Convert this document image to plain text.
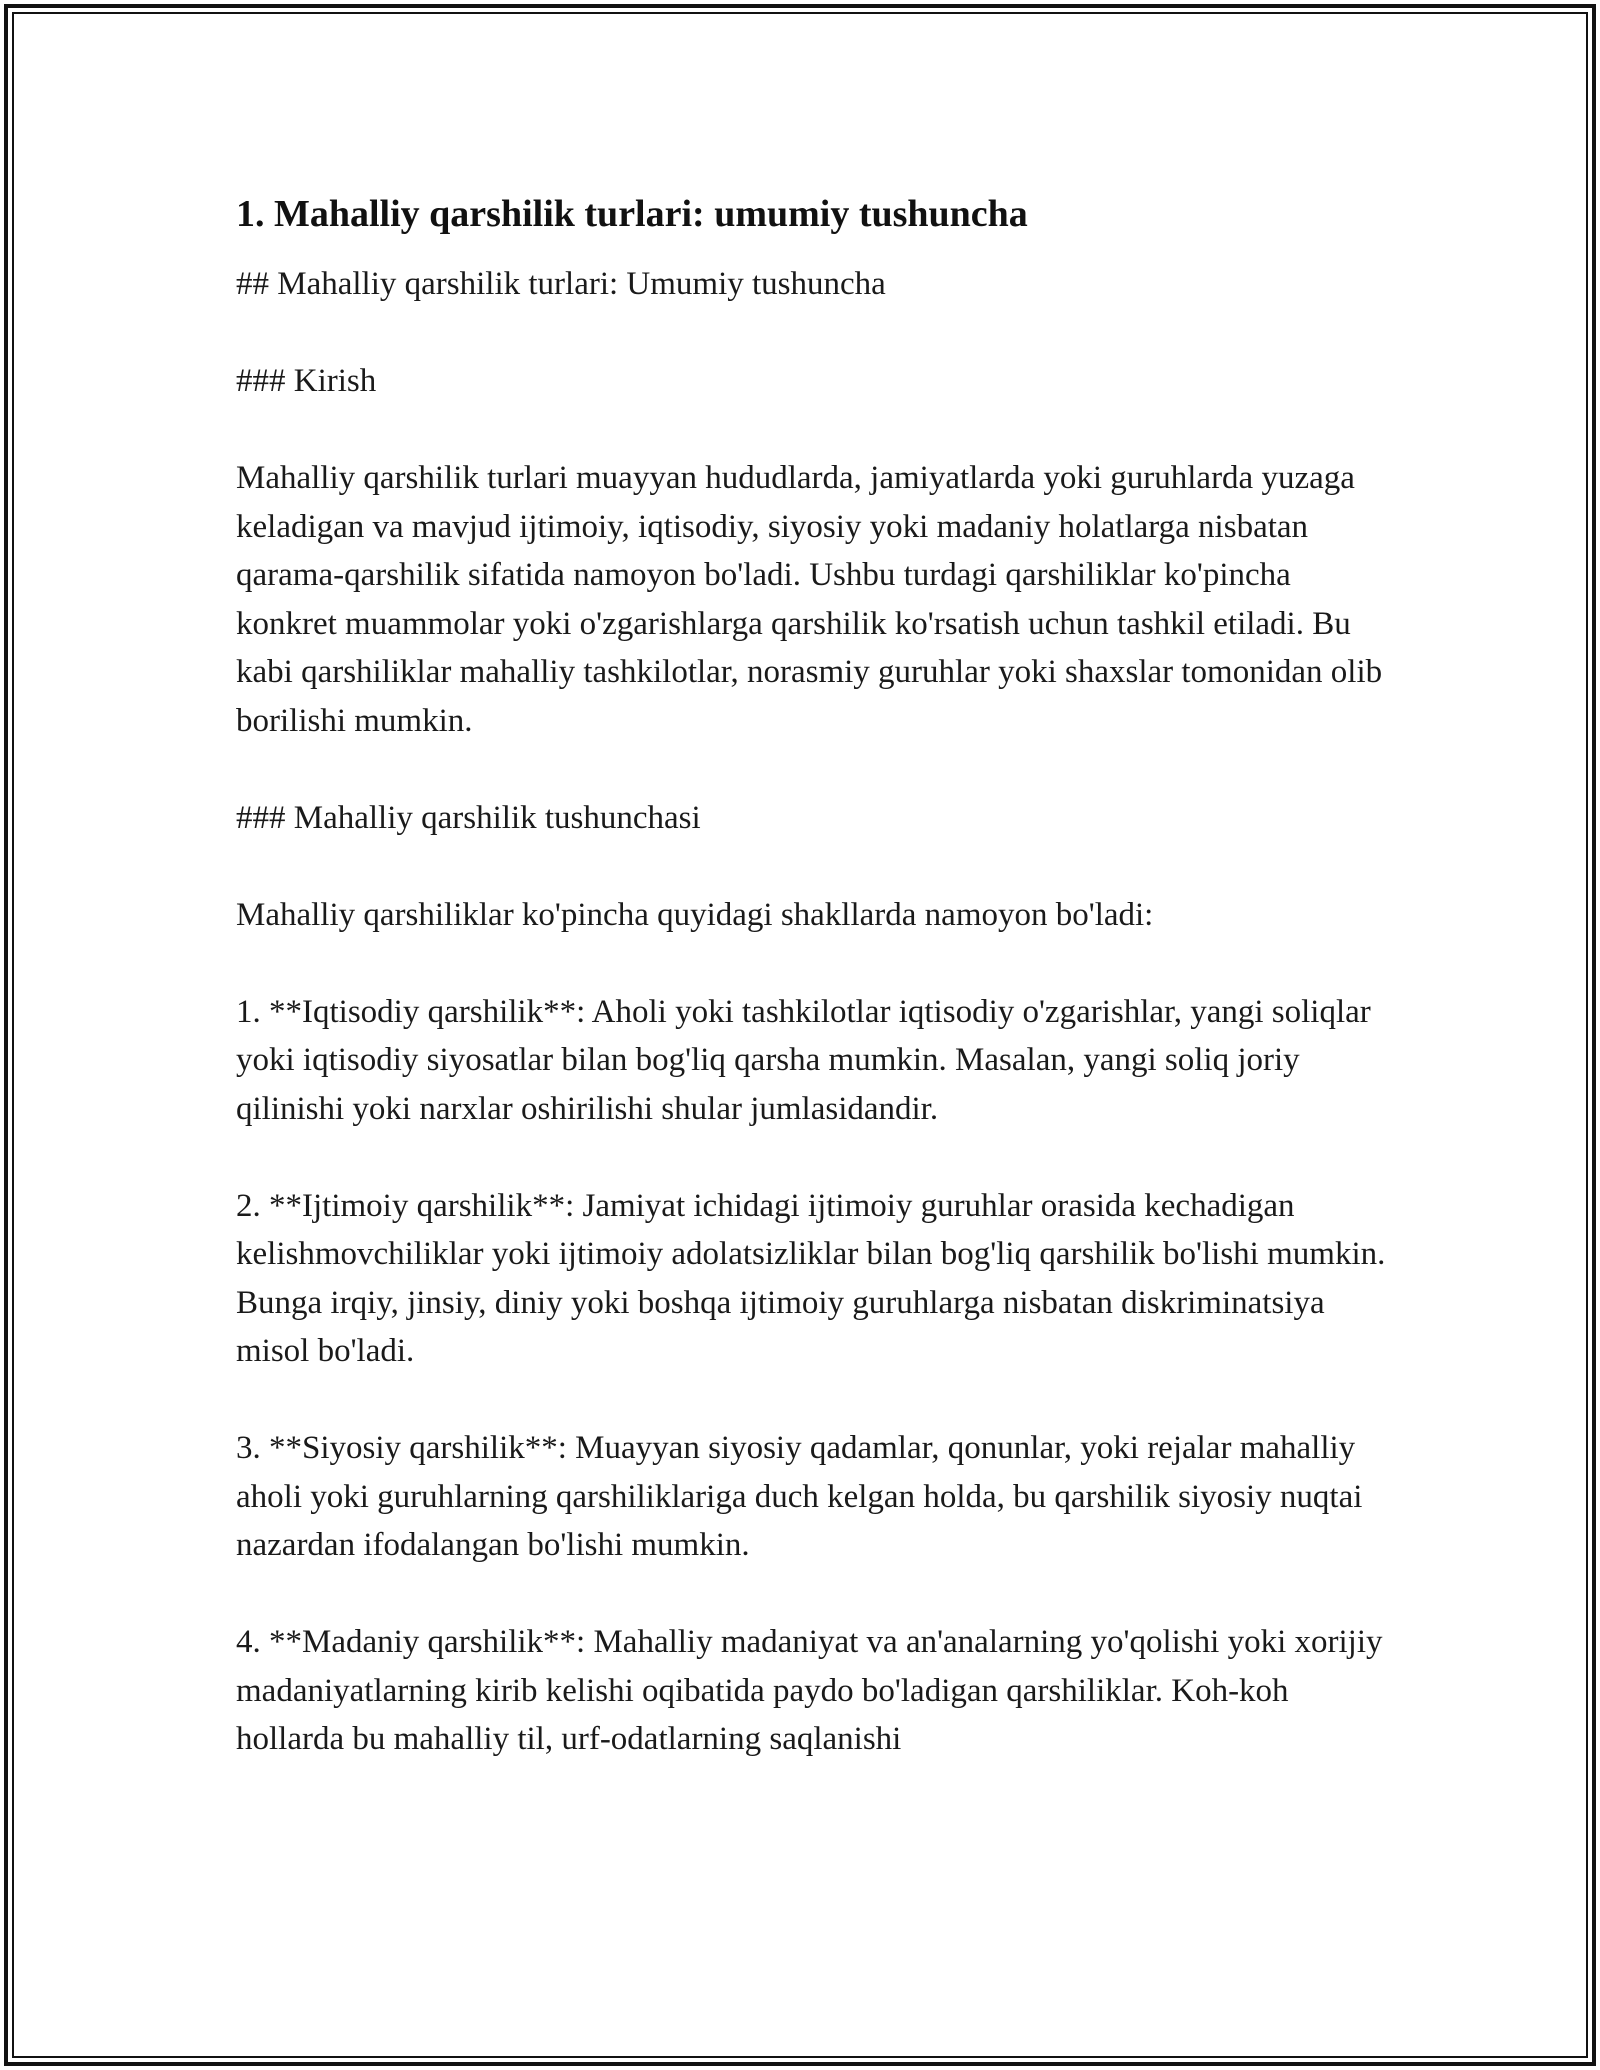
1. Mahalliy qarshilik turlari: umumiy tushuncha

## Mahalliy qarshilik turlari: Umumiy tushuncha

### Kirish

Mahalliy qarshilik turlari muayyan hududlarda, jamiyatlarda yoki guruhlarda yuzaga keladigan va mavjud ijtimoiy, iqtisodiy, siyosiy yoki madaniy holatlarga nisbatan qarama-qarshilik sifatida namoyon bo'ladi. Ushbu turdagi qarshiliklar ko'pincha konkret muammolar yoki o'zgarishlarga qarshilik ko'rsatish uchun tashkil etiladi. Bu kabi qarshiliklar mahalliy tashkilotlar, norasmiy guruhlar yoki shaxslar tomonidan olib borilishi mumkin.

### Mahalliy qarshilik tushunchasi

Mahalliy qarshiliklar ko'pincha quyidagi shakllarda namoyon bo'ladi:

1. **Iqtisodiy qarshilik**: Aholi yoki tashkilotlar iqtisodiy o'zgarishlar, yangi soliqlar yoki iqtisodiy siyosatlar bilan bog'liq qarsha mumkin. Masalan, yangi soliq joriy qilinishi yoki narxlar oshirilishi shular jumlasidandir.

2. **Ijtimoiy qarshilik**: Jamiyat ichidagi ijtimoiy guruhlar orasida kechadigan kelishmovchiliklar yoki ijtimoiy adolatsizliklar bilan bog'liq qarshilik bo'lishi mumkin. Bunga irqiy, jinsiy, diniy yoki boshqa ijtimoiy guruhlarga nisbatan diskriminatsiya misol bo'ladi.

3. **Siyosiy qarshilik**: Muayyan siyosiy qadamlar, qonunlar, yoki rejalar mahalliy aholi yoki guruhlarning qarshiliklariga duch kelgan holda, bu qarshilik siyosiy nuqtai nazardan ifodalangan bo'lishi mumkin.

4. **Madaniy qarshilik**: Mahalliy madaniyat va an'analarning yo'qolishi yoki xorijiy madaniyatlarning kirib kelishi oqibatida paydo bo'ladigan qarshiliklar. Koh-koh hollarda bu mahalliy til, urf-odatlarning saqlanishi
